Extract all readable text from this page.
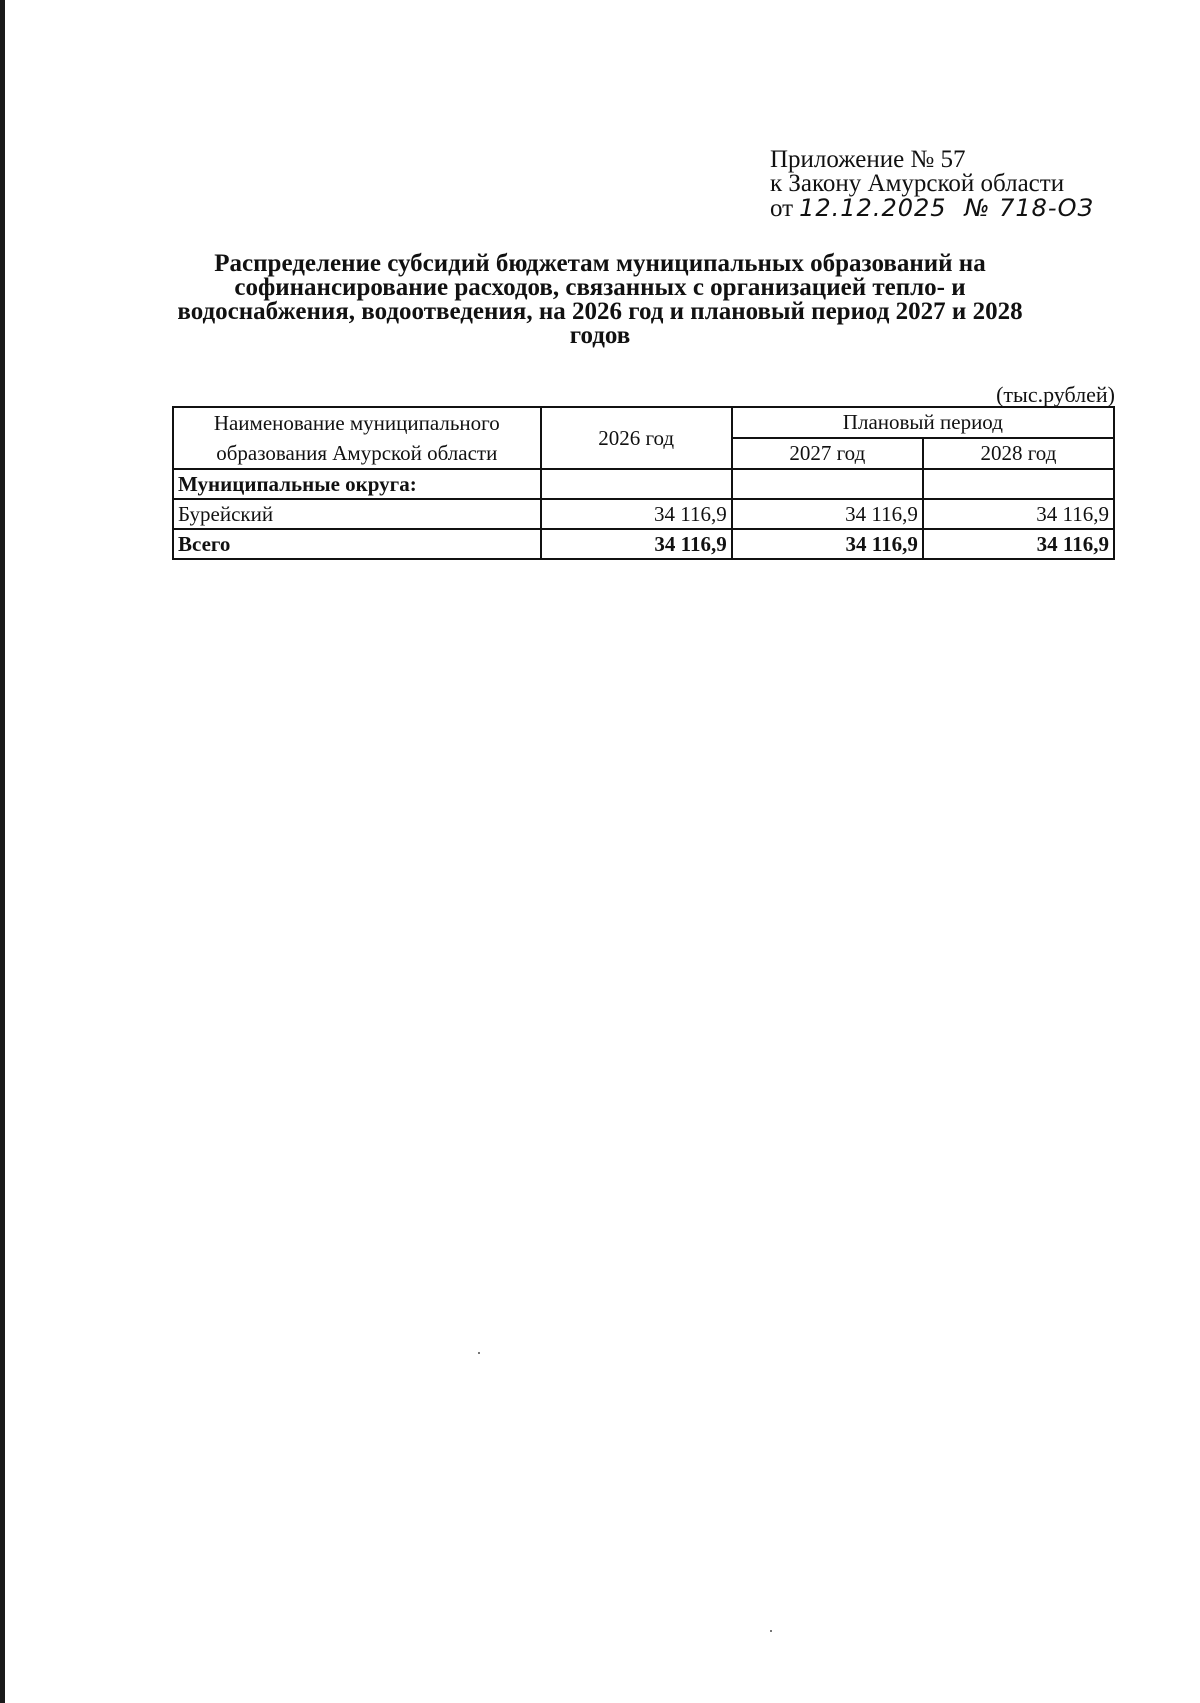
Приложение № 57
к Закону Амурской области
от 12.12.2025 № 718-ОЗ
Распределение субсидий бюджетам муниципальных образований на софинансирование расходов, связанных с организацией тепло- и водоснабжения, водоотведения, на 2026 год и плановый период 2027 и 2028 годов
(тыс.рублей)
Наименование муниципального образования Амурской области	2026 год	Плановый период	
		2027 год	2028 год
Муниципальные округа:			
Бурейский	34 116,9	34 116,9	34 116,9
Всего	34 116,9	34 116,9	34 116,9
